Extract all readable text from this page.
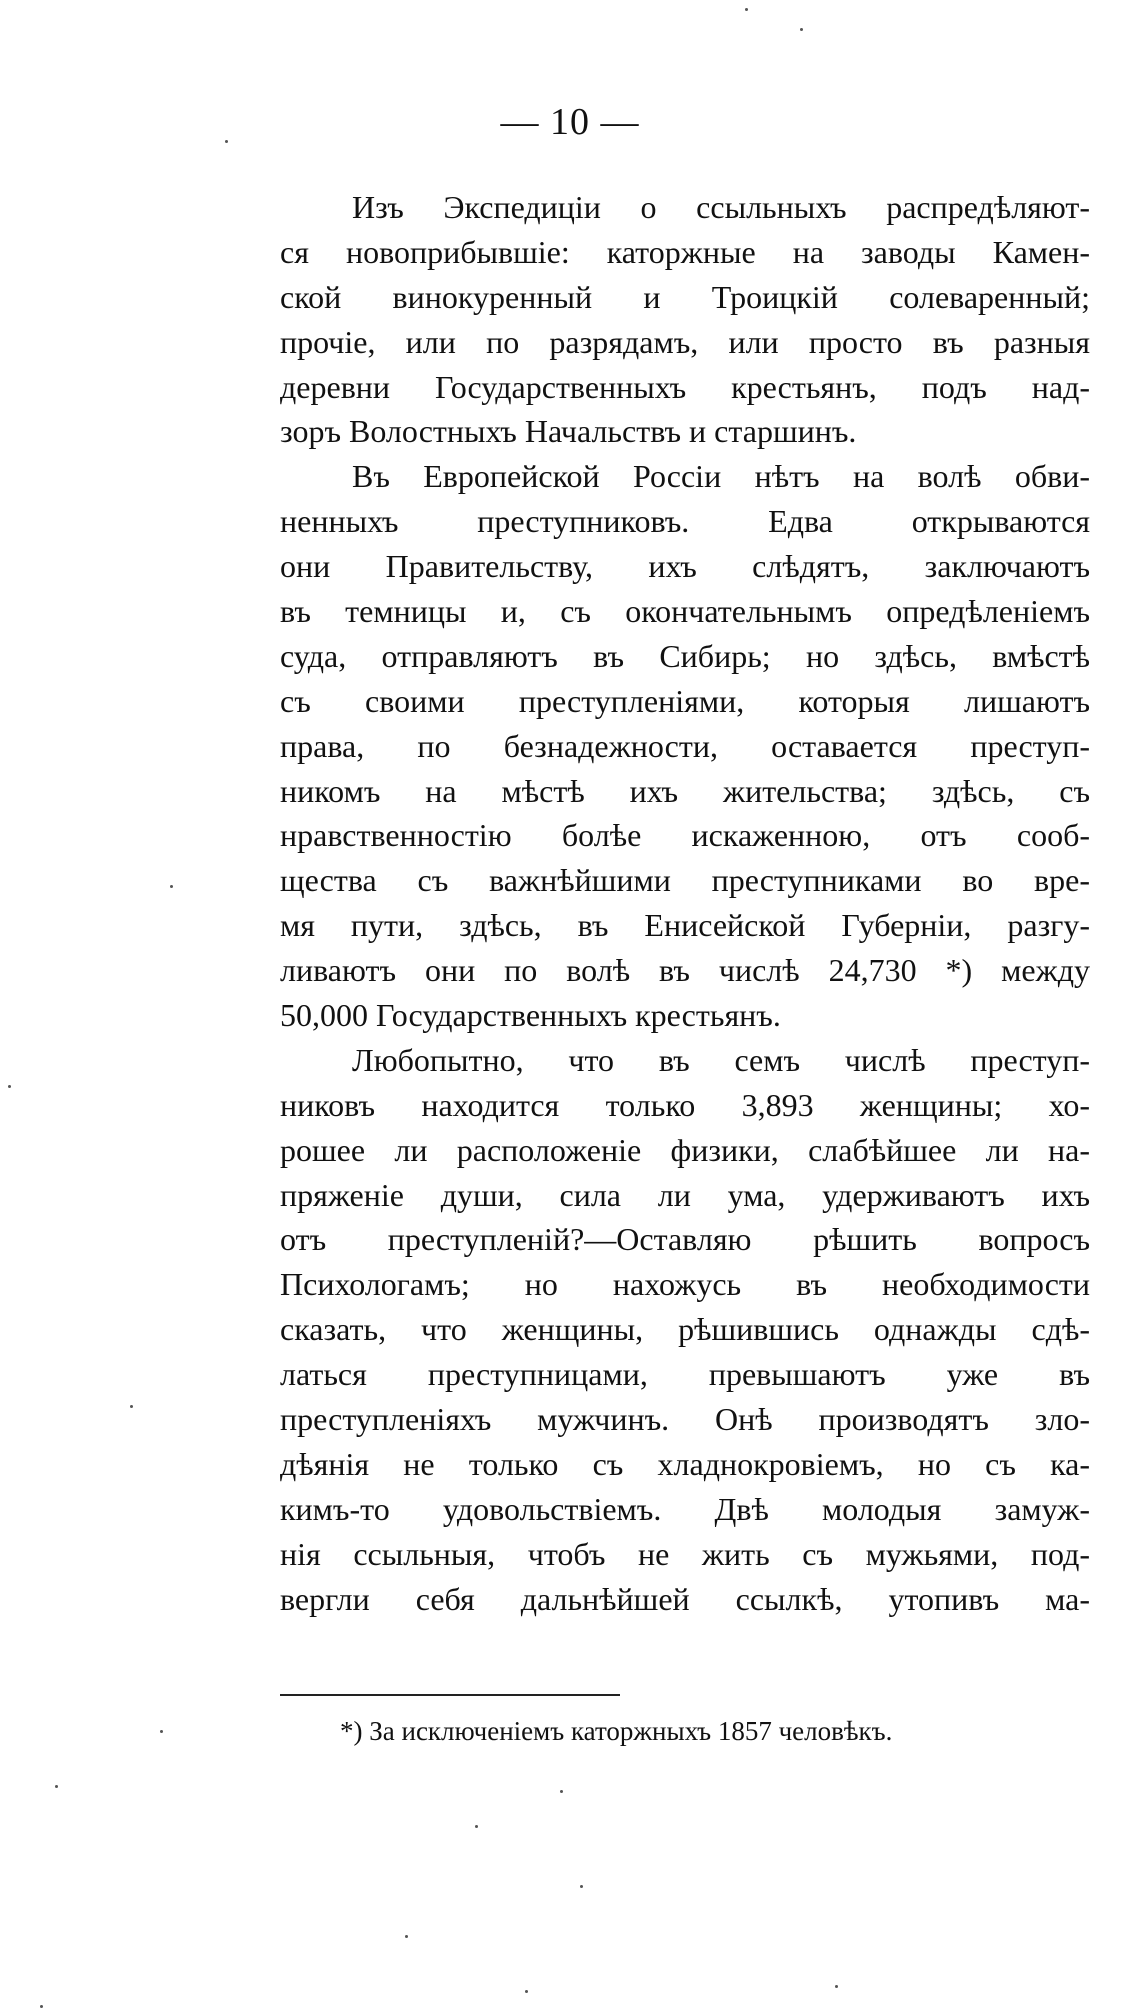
— 10 —
Изъ Экспедиціи о ссыльныхъ распредѣляют-
ся новоприбывшіе: каторжные на заводы Камен-
ской винокуренный и Троицкій солеваренный;
прочіе, или по разрядамъ, или просто въ разныя
деревни Государственныхъ крестьянъ, подъ над-
зоръ Волостныхъ Начальствъ и старшинъ.
Въ Европейской Россіи нѣтъ на волѣ обви-
ненныхъ преступниковъ. Едва открываются
они Правительству, ихъ слѣдятъ, заключаютъ
въ темницы и, съ окончательнымъ опредѣленіемъ
суда, отправляютъ въ Сибирь; но здѣсь, вмѣстѣ
съ своими преступленіями, которыя лишаютъ
права, по безнадежности, оставается преступ-
никомъ на мѣстѣ ихъ жительства; здѣсь, съ
нравственностію болѣе искаженною, отъ сооб-
щества съ важнѣйшими преступниками во вре-
мя пути, здѣсь, въ Енисейской Губерніи, разгу-
ливаютъ они по волѣ въ числѣ 24,730 *) между
50,000 Государственныхъ крестьянъ.
Любопытно, что въ семъ числѣ преступ-
никовъ находится только 3,893 женщины; хо-
рошее ли расположеніе физики, слабѣйшее ли на-
пряженіе души, сила ли ума, удерживаютъ ихъ
отъ преступленій?—Оставляю рѣшить вопросъ
Психологамъ; но нахожусь въ необходимости
сказать, что женщины, рѣшившись однажды сдѣ-
латься преступницами, превышаютъ уже въ
преступленіяхъ мужчинъ. Онѣ производятъ зло-
дѣянія не только съ хладнокровіемъ, но съ ка-
кимъ-то удовольствіемъ. Двѣ молодыя замуж-
нія ссыльныя, чтобъ не жить съ мужьями, под-
вергли себя дальнѣйшей ссылкѣ, утопивъ ма-
*) За исключеніемъ каторжныхъ 1857 человѣкъ.
